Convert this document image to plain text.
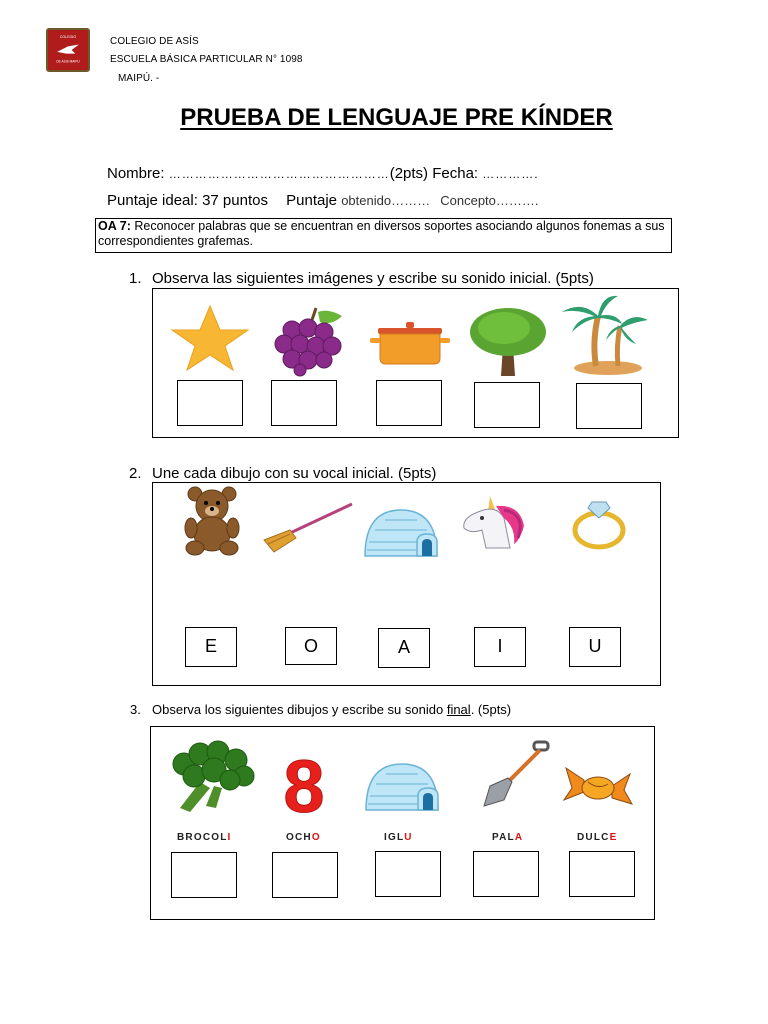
COLEGIO
DE ASIS MAIPU
COLEGIO DE ASÍS
ESCUELA BÁSICA PARTICULAR N° 1098
MAIPÚ. -
PRUEBA DE LENGUAJE PRE KÍNDER
Nombre: ……………………………………………(2pts) Fecha: ………….
Puntaje ideal: 37 puntos Puntaje obtenido……… Concepto……….
OA 7: Reconocer palabras que se encuentran en diversos soportes asociando algunos fonemas a sus correspondientes grafemas.
1. Observa las siguientes imágenes y escribe su sonido inicial. (5pts)
2. Une cada dibujo con su vocal inicial. (5pts)
E	O	A	I	U
3. Observa los siguientes dibujos y escribe su sonido final. (5pts)
8
BROCOLI	OCHO	IGLU	PALA	DULCE
